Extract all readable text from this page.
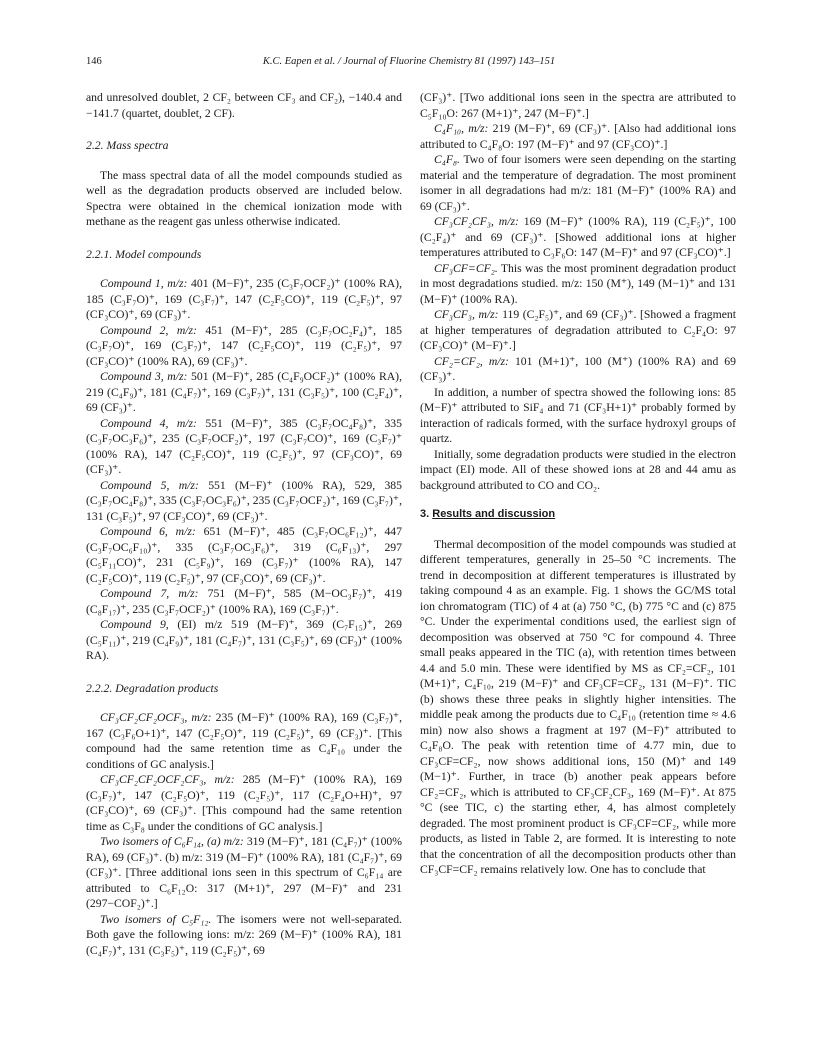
146	K.C. Eapen et al. / Journal of Fluorine Chemistry 81 (1997) 143–151

and unresolved doublet, 2 CF₂ between CF₃ and CF₂), −140.4 and −141.7 (quartet, doublet, 2 CF).

2.2. Mass spectra

The mass spectral data of all the model compounds studied as well as the degradation products observed are included below. Spectra were obtained in the chemical ionization mode with methane as the reagent gas unless otherwise indicated.

2.2.1. Model compounds

Compound 1, m/z: 401 (M−F)⁺, 235 (C₃F₇OCF₂)⁺ (100% RA), 185 (C₃F₇O)⁺, 169 (C₃F₇)⁺, 147 (C₂F₅CO)⁺, 119 (C₂F₅)⁺, 97 (CF₃CO)⁺, 69 (CF₃)⁺.

Compound 2, m/z: 451 (M−F)⁺, 285 (C₃F₇OC₂F₄)⁺, 185 (C₃F₇O)⁺, 169 (C₃F₇)⁺, 147 (C₂F₅CO)⁺, 119 (C₂F₅)⁺, 97 (CF₃CO)⁺ (100% RA), 69 (CF₃)⁺.

Compound 3, m/z: 501 (M−F)⁺, 285 (C₄F₉OCF₂)⁺ (100% RA), 219 (C₄F₉)⁺, 181 (C₄F₇)⁺, 169 (C₃F₇)⁺, 131 (C₃F₅)⁺, 100 (C₂F₄)⁺, 69 (CF₃)⁺.

Compound 4, m/z: 551 (M−F)⁺, 385 (C₃F₇OC₄F₈)⁺, 335 (C₃F₇OC₃F₆)⁺, 235 (C₃F₇OCF₂)⁺, 197 (C₃F₇CO)⁺, 169 (C₃F₇)⁺ (100% RA), 147 (C₂F₅CO)⁺, 119 (C₂F₅)⁺, 97 (CF₃CO)⁺, 69 (CF₃)⁺.

Compound 5, m/z: 551 (M−F)⁺ (100% RA), 529, 385 (C₃F₇OC₄F₈)⁺, 335 (C₃F₇OC₃F₆)⁺, 235 (C₃F₇OCF₂)⁺, 169 (C₃F₇)⁺, 131 (C₃F₅)⁺, 97 (CF₃CO)⁺, 69 (CF₃)⁺.

Compound 6, m/z: 651 (M−F)⁺, 485 (C₃F₇OC₆F₁₂)⁺, 447 (C₃F₇OC₆F₁₀)⁺, 335 (C₃F₇OC₃F₆)⁺, 319 (C₆F₁₃)⁺, 297 (C₅F₁₁CO)⁺, 231 (C₅F₉)⁺, 169 (C₃F₇)⁺ (100% RA), 147 (C₂F₅CO)⁺, 119 (C₂F₅)⁺, 97 (CF₃CO)⁺, 69 (CF₃)⁺.

Compound 7, m/z: 751 (M−F)⁺, 585 (M−OC₃F₇)⁺, 419 (C₈F₁₇)⁺, 235 (C₃F₇OCF₂)⁺ (100% RA), 169 (C₃F₇)⁺.

Compound 9, (EI) m/z 519 (M−F)⁺, 369 (C₇F₁₅)⁺, 269 (C₅F₁₁)⁺, 219 (C₄F₉)⁺, 181 (C₄F₇)⁺, 131 (C₃F₅)⁺, 69 (CF₃)⁺ (100% RA).

2.2.2. Degradation products

CF₃CF₂CF₂OCF₃, m/z: 235 (M−F)⁺ (100% RA), 169 (C₃F₇)⁺, 167 (C₃F₆O+1)⁺, 147 (C₂F₅O)⁺, 119 (C₂F₅)⁺, 69 (CF₃)⁺. [This compound had the same retention time as C₄F₁₀ under the conditions of GC analysis.]

CF₃CF₂CF₂OCF₂CF₃, m/z: 285 (M−F)⁺ (100% RA), 169 (C₃F₇)⁺, 147 (C₂F₅O)⁺, 119 (C₂F₅)⁺, 117 (C₂F₄O+H)⁺, 97 (CF₃CO)⁺, 69 (CF₃)⁺. [This compound had the same retention time as C₃F₈ under the conditions of GC analysis.]

Two isomers of C₆F₁₄, (a) m/z: 319 (M−F)⁺, 181 (C₄F₇)⁺ (100% RA), 69 (CF₃)⁺. (b) m/z: 319 (M−F)⁺ (100% RA), 181 (C₄F₇)⁺, 69 (CF₃)⁺. [Three additional ions seen in this spectrum of C₆F₁₄ are attributed to C₆F₁₂O: 317 (M+1)⁺, 297 (M−F)⁺ and 231 (297−COF₂)⁺.]

Two isomers of C₅F₁₂. The isomers were not well-separated. Both gave the following ions: m/z: 269 (M−F)⁺ (100% RA), 181 (C₄F₇)⁺, 131 (C₃F₅)⁺, 119 (C₂F₅)⁺, 69

(CF₃)⁺. [Two additional ions seen in the spectra are attributed to C₅F₁₀O: 267 (M+1)⁺, 247 (M−F)⁺.]

C₄F₁₀, m/z: 219 (M−F)⁺, 69 (CF₃)⁺. [Also had additional ions attributed to C₄F₈O: 197 (M−F)⁺ and 97 (CF₃CO)⁺.]

C₄F₈. Two of four isomers were seen depending on the starting material and the temperature of degradation. The most prominent isomer in all degradations had m/z: 181 (M−F)⁺ (100% RA) and 69 (CF₃)⁺.

CF₃CF₂CF₃, m/z: 169 (M−F)⁺ (100% RA), 119 (C₂F₅)⁺, 100 (C₂F₄)⁺ and 69 (CF₃)⁺. [Showed additional ions at higher temperatures attributed to C₃F₆O: 147 (M−F)⁺ and 97 (CF₃CO)⁺.]

CF₃CF=CF₂. This was the most prominent degradation product in most degradations studied. m/z: 150 (M⁺), 149 (M−1)⁺ and 131 (M−F)⁺ (100% RA).

CF₃CF₃, m/z: 119 (C₂F₅)⁺, and 69 (CF₃)⁺. [Showed a fragment at higher temperatures of degradation attributed to C₂F₄O: 97 (CF₃CO)⁺ (M−F)⁺.]

CF₂=CF₂, m/z: 101 (M+1)⁺, 100 (M⁺) (100% RA) and 69 (CF₃)⁺.

In addition, a number of spectra showed the following ions: 85 (M−F)⁺ attributed to SiF₄ and 71 (CF₃H+1)⁺ probably formed by interaction of radicals formed, with the surface hydroxyl groups of quartz.

Initially, some degradation products were studied in the electron impact (EI) mode. All of these showed ions at 28 and 44 amu as background attributed to CO and CO₂.

3. Results and discussion

Thermal decomposition of the model compounds was studied at different temperatures, generally in 25–50 °C increments. The trend in decomposition at different temperatures is illustrated by taking compound 4 as an example. Fig. 1 shows the GC/MS total ion chromatogram (TIC) of 4 at (a) 750 °C, (b) 775 °C and (c) 875 °C. Under the experimental conditions used, the earliest sign of decomposition was observed at 750 °C for compound 4. Three small peaks appeared in the TIC (a), with retention times between 4.4 and 5.0 min. These were identified by MS as CF₂=CF₂, 101 (M+1)⁺, C₄F₁₀, 219 (M−F)⁺ and CF₃CF=CF₂, 131 (M−F)⁺. TIC (b) shows these three peaks in slightly higher intensities. The middle peak among the products due to C₄F₁₀ (retention time ≈ 4.6 min) now also shows a fragment at 197 (M−F)⁺ attributed to C₄F₈O. The peak with retention time of 4.77 min, due to CF₃CF=CF₂, now shows additional ions, 150 (M)⁺ and 149 (M−1)⁺. Further, in trace (b) another peak appears before CF₂=CF₂, which is attributed to CF₃CF₂CF₃, 169 (M−F)⁺. At 875 °C (see TIC, c) the starting ether, 4, has almost completely degraded. The most prominent product is CF₃CF=CF₂, while more products, as listed in Table 2, are formed. It is interesting to note that the concentration of all the decomposition products other than CF₃CF=CF₂ remains relatively low. One has to conclude that
